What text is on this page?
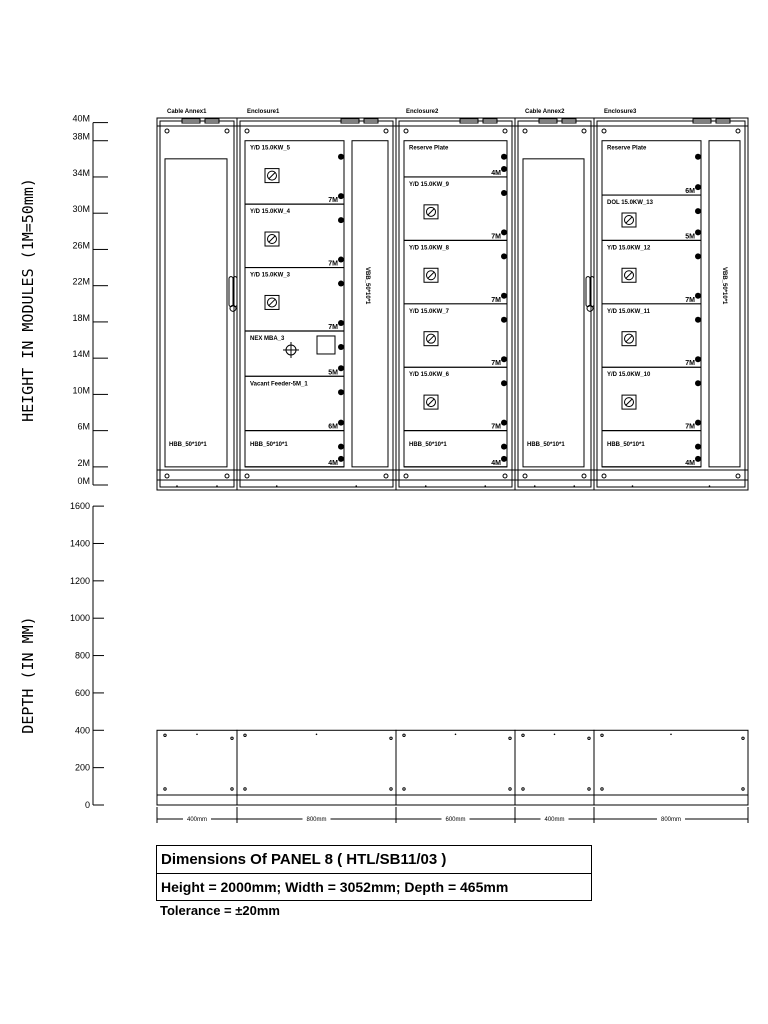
HEIGHT IN MODULES (1M=50mm)
40M
38M
34M
30M
26M
22M
18M
14M
10M
6M
2M
0M
DEPTH (IN MM)
1600
1400
1200
1000
800
600
400
200
0
Cable Annex1
HBB_50*10*1
Enclosure1
VBB_50*10*1
Y/D 15.0KW_5
7M
Y/D 15.0KW_4
7M
Y/D 15.0KW_3
7M
NEX MBA_3
5M
Vacant Feeder-5M_1
6M
4M
HBB_50*10*1
Enclosure2
Reserve Plate
4M
Y/D 15.0KW_9
7M
Y/D 15.0KW_8
7M
Y/D 15.0KW_7
7M
Y/D 15.0KW_6
7M
4M
HBB_50*10*1
Cable Annex2
HBB_50*10*1
Enclosure3
VBB_50*10*1
Reserve Plate
6M
DOL 15.0KW_13
5M
Y/D 15.0KW_12
7M
Y/D 15.0KW_11
7M
Y/D 15.0KW_10
7M
4M
HBB_50*10*1
400mm	800mm	600mm	400mm	800mm
Dimensions Of PANEL 8 ( HTL/SB11/03 )
Height = 2000mm; Width = 3052mm; Depth = 465mm
Tolerance = ±20mm
